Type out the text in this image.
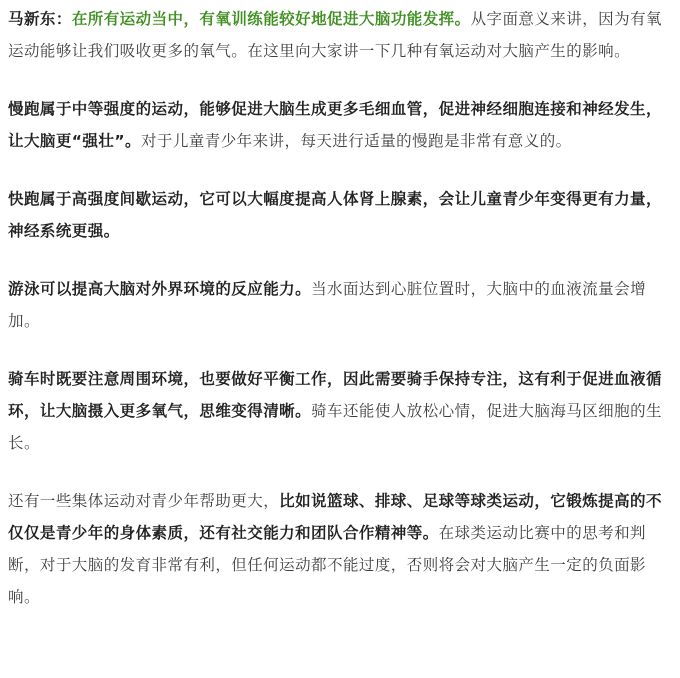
马新东：在所有运动当中，有氧训练能较好地促进大脑功能发挥。从字面意义来讲，因为有氧运动能够让我们吸收更多的氧气。在这里向大家讲一下几种有氧运动对大脑产生的影响。

慢跑属于中等强度的运动，能够促进大脑生成更多毛细血管，促进神经细胞连接和神经发生，让大脑更“强壮”。对于儿童青少年来讲，每天进行适量的慢跑是非常有意义的。

快跑属于高强度间歇运动，它可以大幅度提高人体肾上腺素，会让儿童青少年变得更有力量，神经系统更强。

游泳可以提高大脑对外界环境的反应能力。当水面达到心脏位置时，大脑中的血液流量会增加。

骑车时既要注意周围环境，也要做好平衡工作，因此需要骑手保持专注，这有利于促进血液循环，让大脑摄入更多氧气，思维变得清晰。骑车还能使人放松心情，促进大脑海马区细胞的生长。

还有一些集体运动对青少年帮助更大，比如说篮球、排球、足球等球类运动，它锻炼提高的不仅仅是青少年的身体素质，还有社交能力和团队合作精神等。在球类运动比赛中的思考和判断，对于大脑的发育非常有利，但任何运动都不能过度，否则将会对大脑产生一定的负面影响。
